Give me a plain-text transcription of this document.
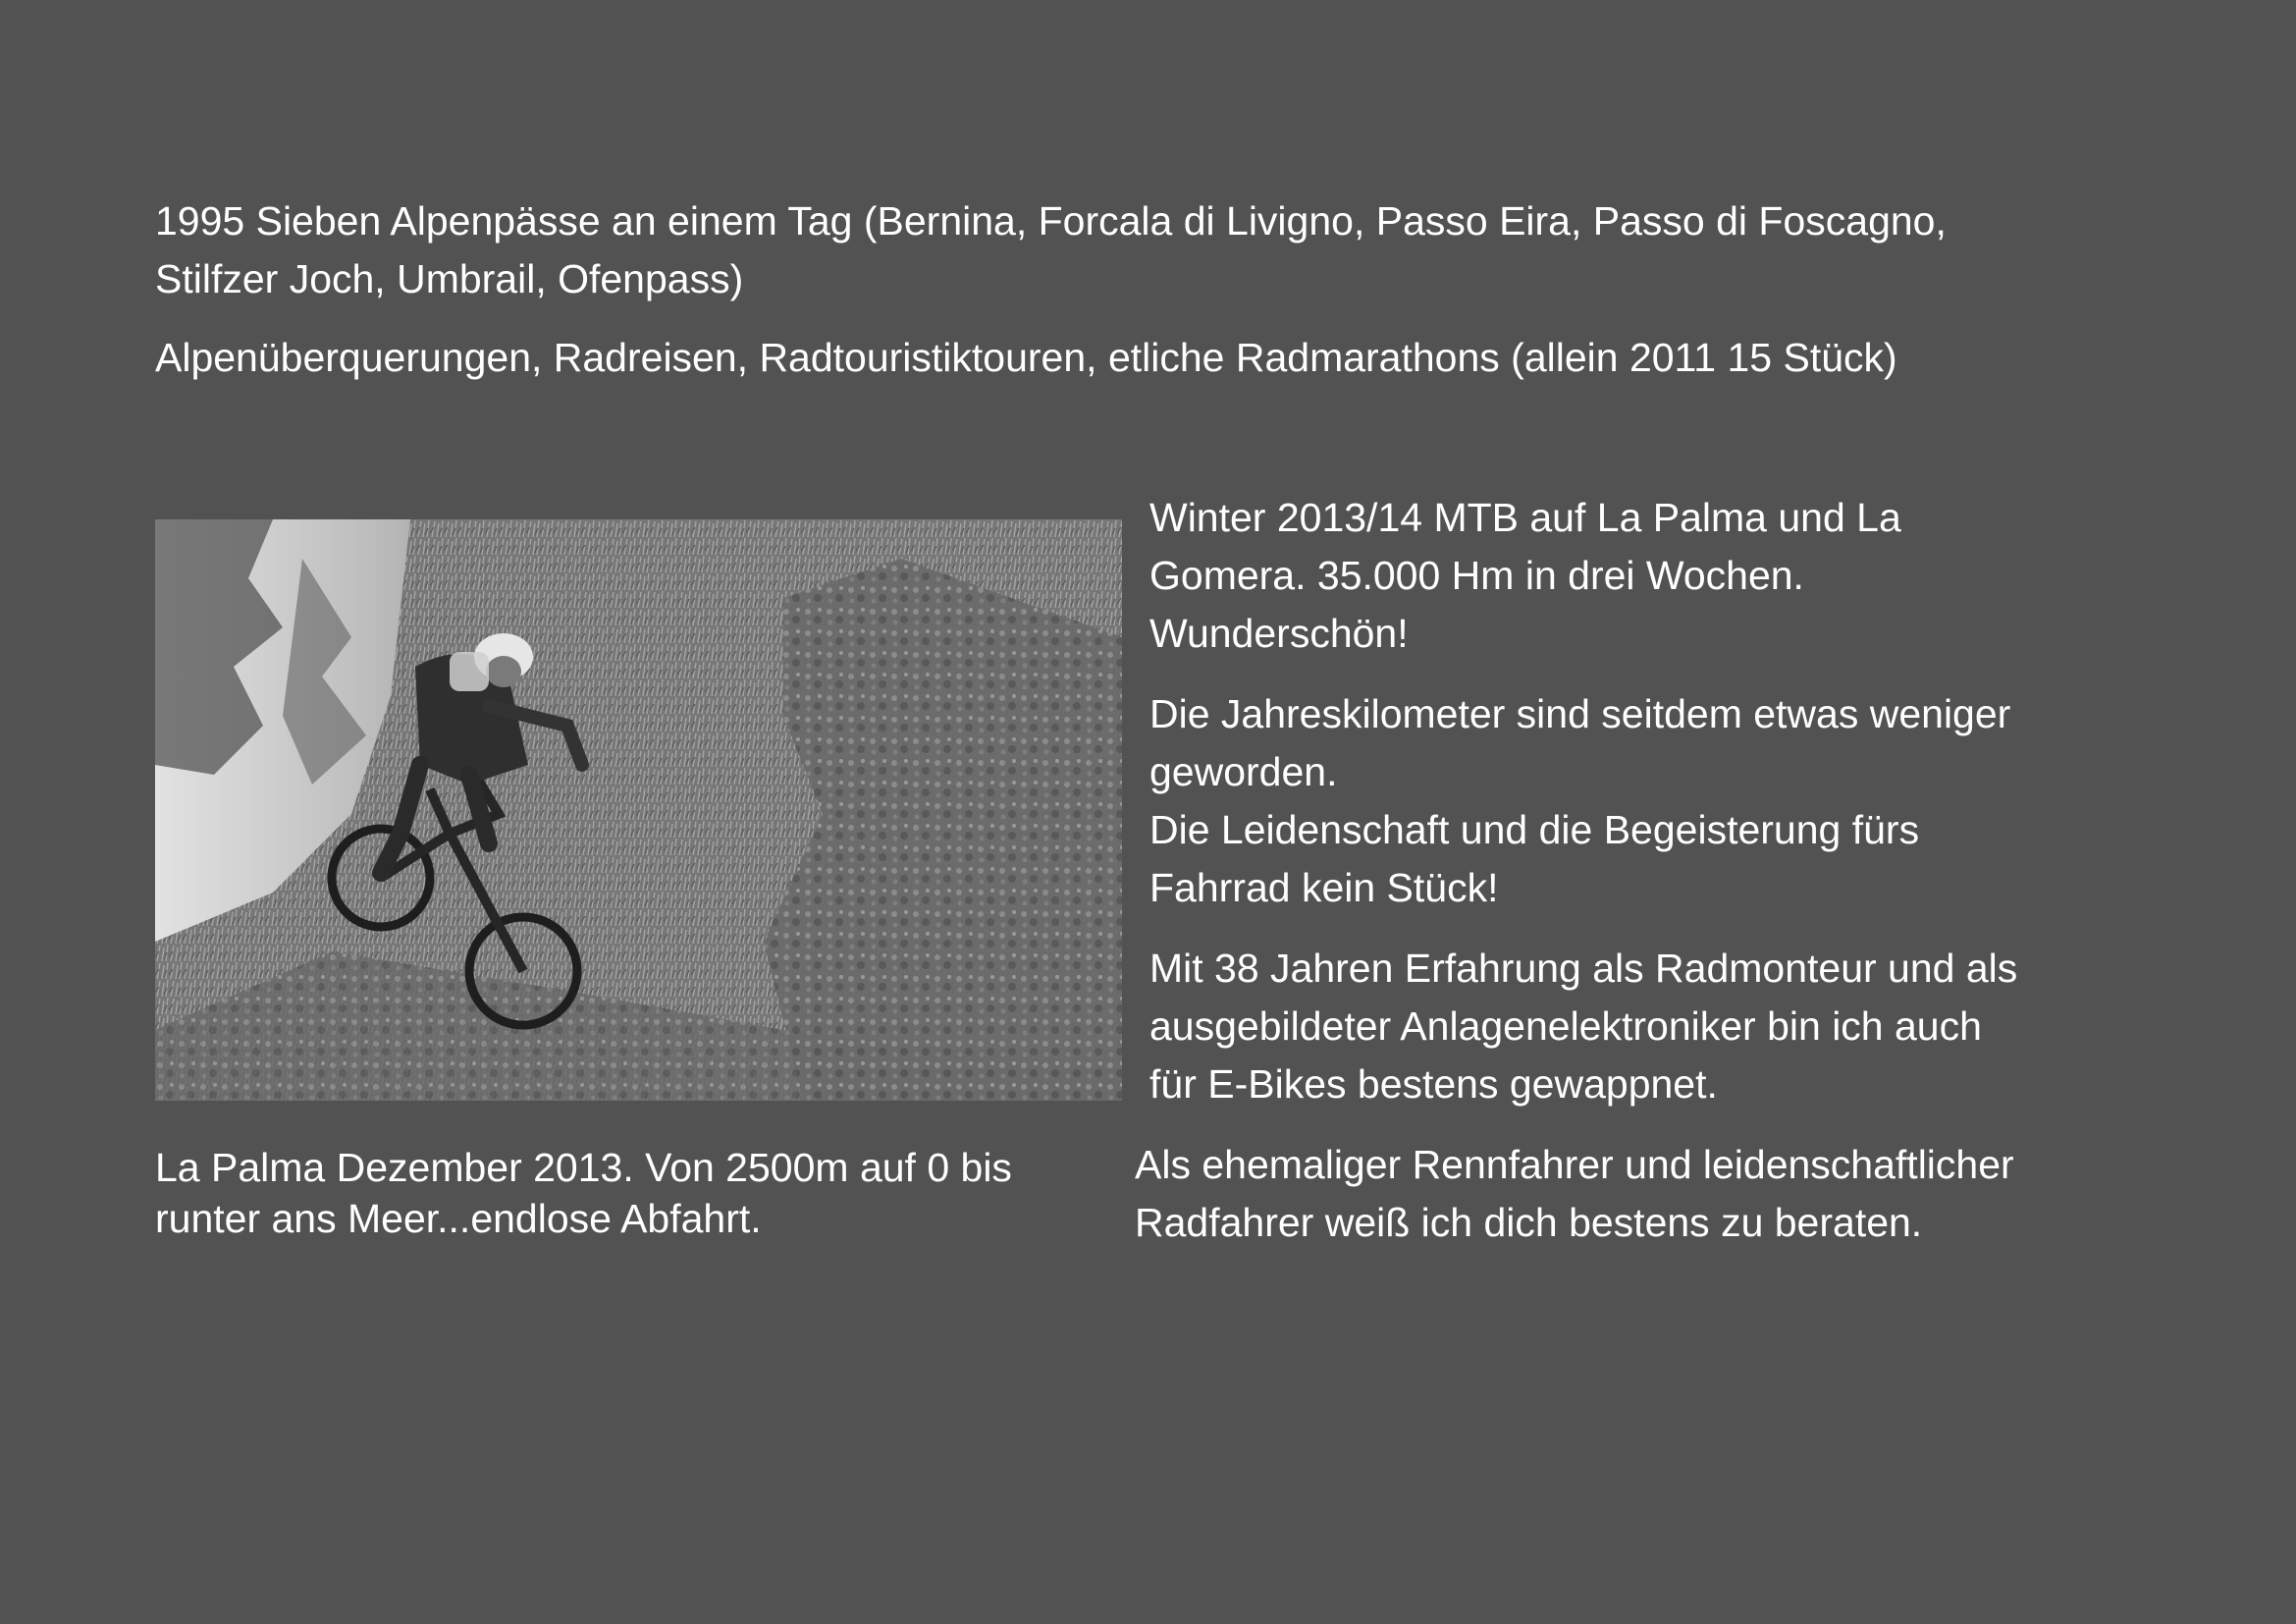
1995 Sieben Alpenpässe an einem Tag (Bernina, Forcala di Livigno, Passo Eira, Passo di Foscagno,
Stilfzer Joch, Umbrail, Ofenpass)

Alpenüberquerungen, Radreisen, Radtouristiktouren, etliche Radmarathons (allein 2011 15 Stück)

La Palma Dezember 2013. Von 2500m auf 0 bis
runter ans Meer...endlose Abfahrt.

Winter 2013/14 MTB auf La Palma und La
Gomera. 35.000 Hm in drei Wochen.
Wunderschön!

Die Jahreskilometer sind seitdem etwas weniger
geworden.
Die Leidenschaft und die Begeisterung fürs
Fahrrad kein Stück!

Mit 38 Jahren Erfahrung als Radmonteur und als
ausgebildeter Anlagenelektroniker bin ich auch
für E-Bikes bestens gewappnet.

Als ehemaliger Rennfahrer und leidenschaftlicher
Radfahrer weiß ich dich bestens zu beraten.
